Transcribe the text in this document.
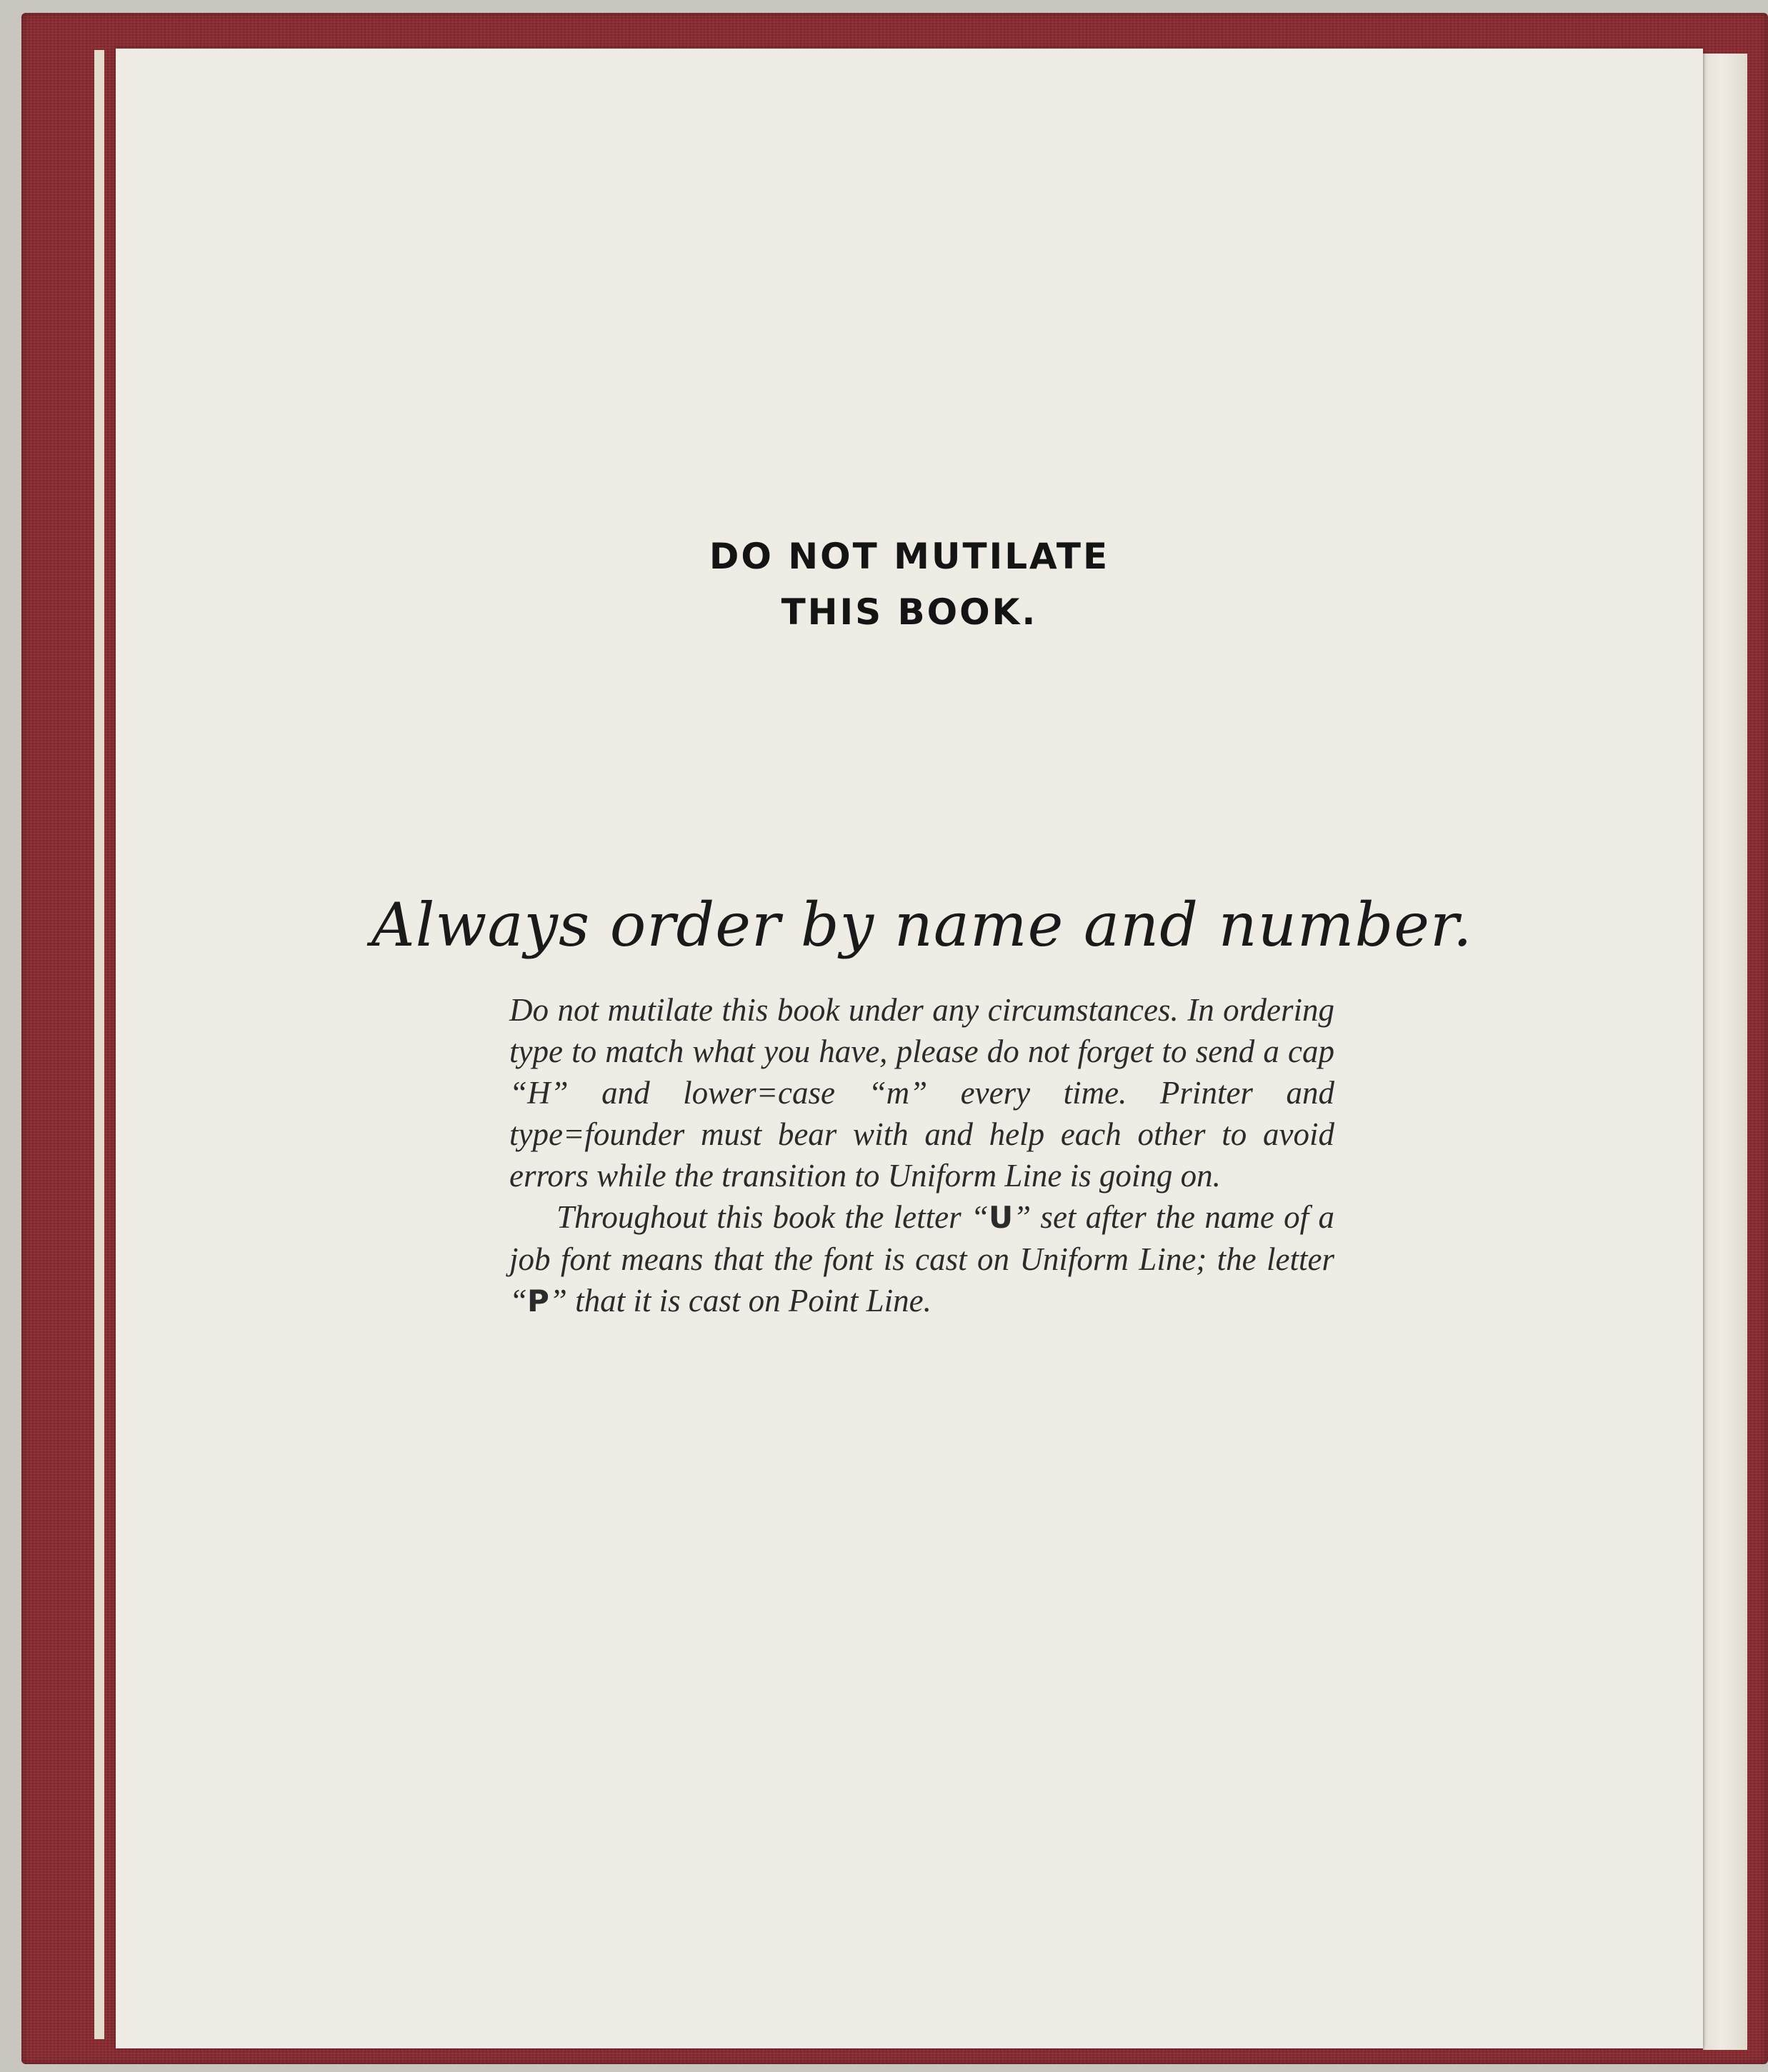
DO NOT MUTILATE
THIS BOOK.
Always order by name and number.

Do not mutilate this book under any circumstances. In ordering type to match what you have, please do not forget to send a cap “H” and lower=case “m” every time. Printer and type=founder must bear with and help each other to avoid errors while the transition to Uniform Line is going on.

Throughout this book the letter “U” set after the name of a job font means that the font is cast on Uniform Line; the letter “P” that it is cast on Point Line.
